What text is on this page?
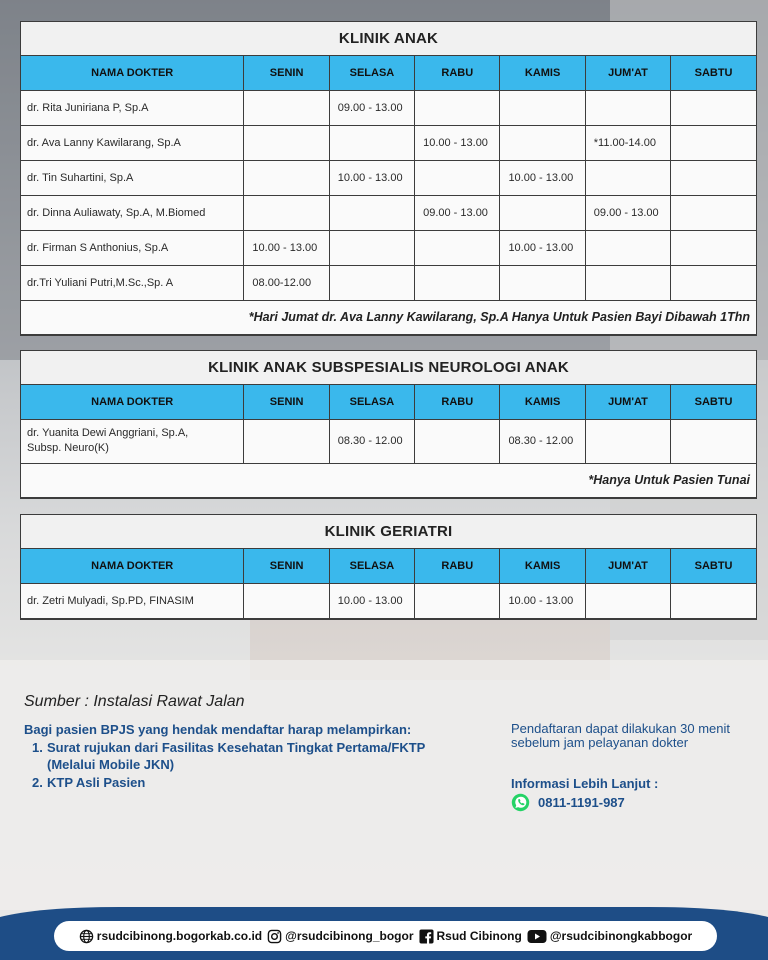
KLINIK ANAK
NAMA DOKTER	SENIN	SELASA	RABU	KAMIS	JUM'AT	SABTU
dr. Rita Juniriana P, Sp.A		09.00 - 13.00				
dr. Ava Lanny Kawilarang, Sp.A			10.00 - 13.00		*11.00-14.00	
dr. Tin Suhartini, Sp.A		10.00 - 13.00		10.00 - 13.00		
dr. Dinna Auliawaty, Sp.A, M.Biomed			09.00 - 13.00		09.00 - 13.00	
dr. Firman S Anthonius, Sp.A	10.00 - 13.00			10.00 - 13.00		
dr.Tri Yuliani Putri,M.Sc.,Sp. A	08.00-12.00					
*Hari Jumat dr. Ava Lanny Kawilarang, Sp.A Hanya Untuk Pasien Bayi Dibawah 1Thn						
KLINIK ANAK SUBSPESIALIS NEUROLOGI ANAK
NAMA DOKTER	SENIN	SELASA	RABU	KAMIS	JUM'AT	SABTU

dr. Yuanita Dewi Anggriani, Sp.A,
Subsp. Neuro(K)		08.30 - 12.00		08.30 - 12.00		
*Hanya Untuk Pasien Tunai						
KLINIK GERIATRI
NAMA DOKTER	SENIN	SELASA	RABU	KAMIS	JUM'AT	SABTU
dr. Zetri Mulyadi, Sp.PD, FINASIM		10.00 - 13.00		10.00 - 13.00		
Sumber : Instalasi Rawat Jalan
Bagi pasien BPJS yang hendak mendaftar harap melampirkan:
1. Surat rujukan dari Fasilitas Kesehatan Tingkat Pertama/FKTP (Melalui Mobile JKN)
2. KTP Asli Pasien
Pendaftaran dapat dilakukan 30 menit sebelum jam pelayanan dokter
Informasi Lebih Lanjut :
0811-1191-987
rsudcibinong.bogorkab.co.id @rsudcibinong_bogor Rsud Cibinong @rsudcibinongkabbogor
